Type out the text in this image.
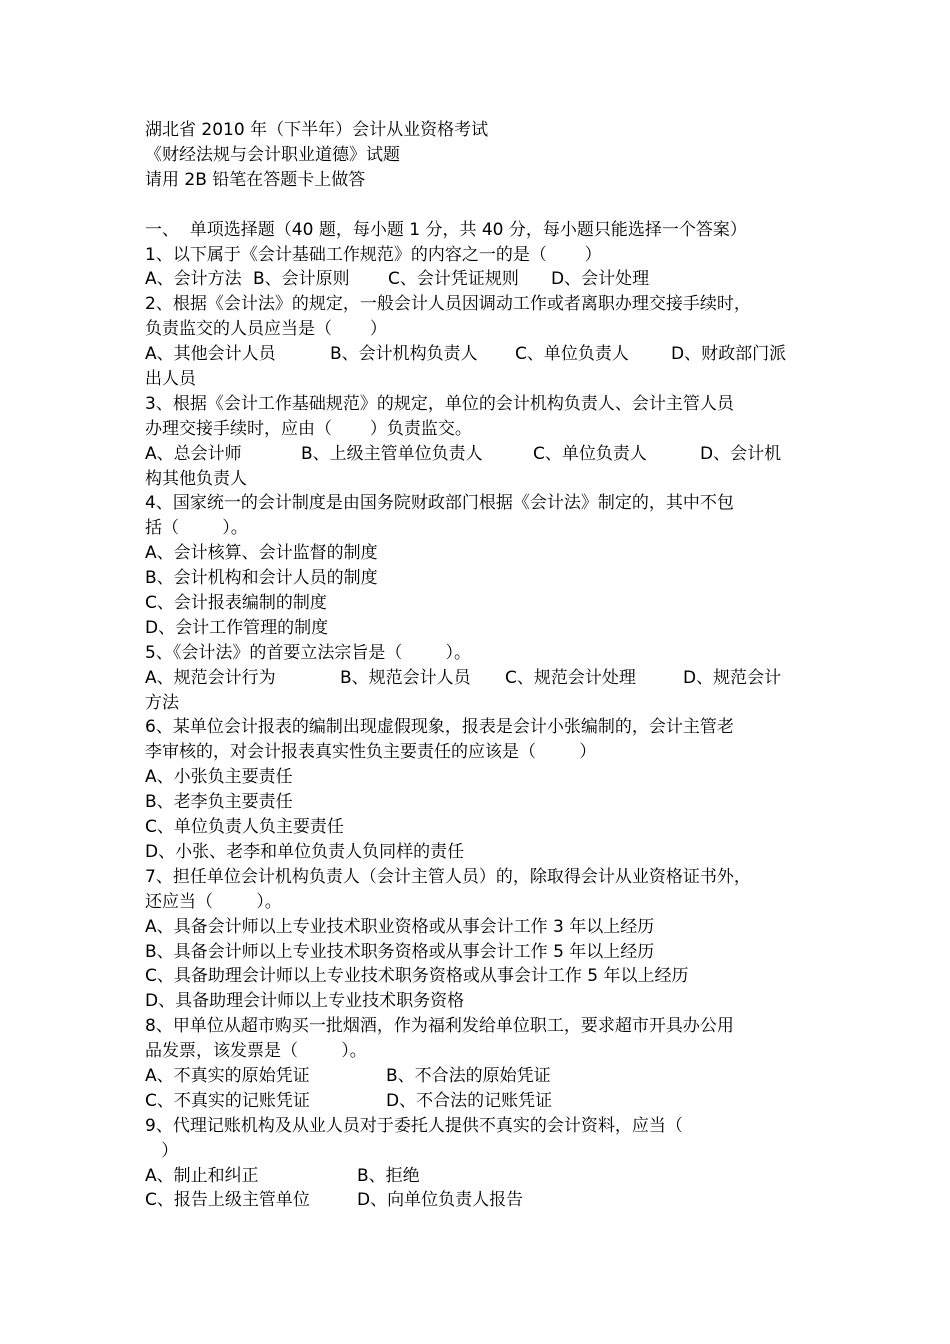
湖北省 2010 年（下半年）会计从业资格考试
《财经法规与会计职业道德》试题
请用 2B 铅笔在答题卡上做答
一、  单项选择题（40 题，每小题 1 分，共 40 分，每小题只能选择一个答案）
1、以下属于《会计基础工作规范》的内容之一的是（       ）
A、会计方法 B、会计原则	C、会计凭证规则	D、会计处理
2、根据《会计法》的规定，一般会计人员因调动工作或者离职办理交接手续时，
负责监交的人员应当是（       ）
A、其他会计人员	B、会计机构负责人	C、单位负责人	D、财政部门派
出人员
3、根据《会计工作基础规范》的规定，单位的会计机构负责人、会计主管人员
办理交接手续时，应由（       ）负责监交。
A、总会计师	B、上级主管单位负责人	C、单位负责人	D、会计机
构其他负责人
4、国家统一的会计制度是由国务院财政部门根据《会计法》制定的，其中不包
括（        ）。
A、会计核算、会计监督的制度
B、会计机构和会计人员的制度
C、会计报表编制的制度
D、会计工作管理的制度
5、《会计法》的首要立法宗旨是（        ）。
A、规范会计行为	B、规范会计人员	C、规范会计处理	D、规范会计
方法
6、某单位会计报表的编制出现虚假现象，报表是会计小张编制的，会计主管老
李审核的，对会计报表真实性负主要责任的应该是（        ）
A、小张负主要责任
B、老李负主要责任
C、单位负责人负主要责任
D、小张、老李和单位负责人负同样的责任
7、担任单位会计机构负责人（会计主管人员）的，除取得会计从业资格证书外，
还应当（        ）。
A、具备会计师以上专业技术职业资格或从事会计工作 3 年以上经历
B、具备会计师以上专业技术职务资格或从事会计工作 5 年以上经历
C、具备助理会计师以上专业技术职务资格或从事会计工作 5 年以上经历
D、具备助理会计师以上专业技术职务资格
8、甲单位从超市购买一批烟酒，作为福利发给单位职工，要求超市开具办公用
品发票，该发票是（        ）。
A、不真实的原始凭证	B、不合法的原始凭证
C、不真实的记账凭证	D、不合法的记账凭证
9、代理记账机构及从业人员对于委托人提供不真实的会计资料，应当（
）
A、制止和纠正	B、拒绝
C、报告上级主管单位	D、向单位负责人报告
